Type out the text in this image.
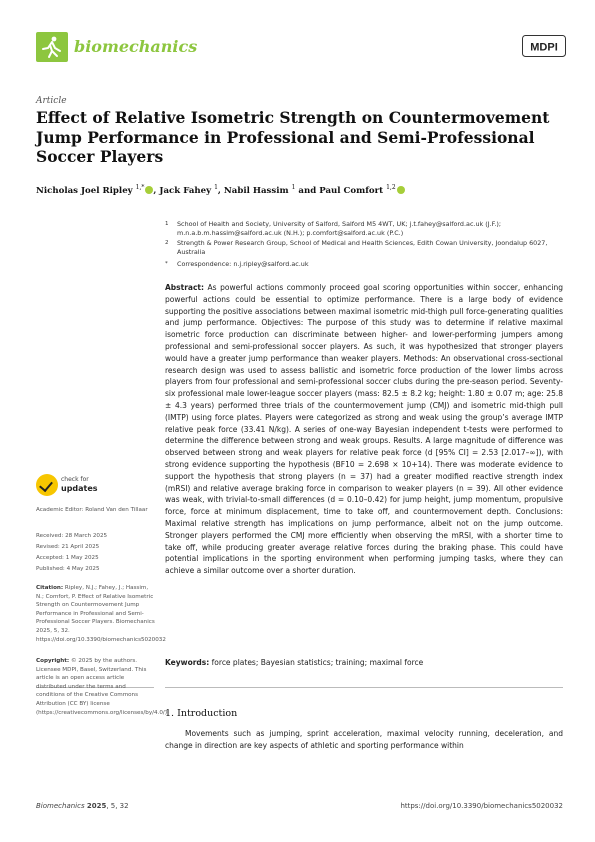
biomechanics	MDPI
Article
Effect of Relative Isometric Strength on Countermovement Jump Performance in Professional and Semi-Professional Soccer Players
Nicholas Joel Ripley $^{1,*}$ , Jack Fahey $^1$, Nabil Hassim $^1$ and Paul Comfort $^{1,2}$
1 School of Health and Society, University of Salford, Salford M5 4WT, UK; j.t.fahey@salford.ac.uk (J.F.); m.n.a.b.m.hassim@salford.ac.uk (N.H.); p.comfort@salford.ac.uk (P.C.)
2 Strength & Power Research Group, School of Medical and Health Sciences, Edith Cowan University, Joondalup 6027, Australia
* Correspondence: n.j.ripley@salford.ac.uk
Abstract: As powerful actions commonly proceed goal scoring opportunities within soccer, enhancing powerful actions could be essential to optimize performance. There is a large body of evidence supporting the positive associations between maximal isometric mid-thigh pull force-generating qualities and jump performance. Objectives: The purpose of this study was to determine if relative maximal isometric force production can discriminate between higher- and lower-performing jumpers among professional and semi-professional soccer players. As such, it was hypothesized that stronger players would have a greater jump performance than weaker players. Methods: An observational cross-sectional research design was used to assess ballistic and isometric force production of the lower limbs across players from four professional and semi-professional soccer clubs during the pre-season period. Seventy-six professional male lower-league soccer players (mass: 82.5 ± 8.2 kg; height: 1.80 ± 0.07 m; age: 25.8 ± 4.3 years) performed three trials of the countermovement jump (CMJ) and isometric mid-thigh pull (IMTP) using force plates. Players were categorized as strong and weak using the group’s average IMTP relative peak force (33.41 N/kg). A series of one-way Bayesian independent t-tests were performed to determine the difference between strong and weak groups. Results. A large magnitude of difference was observed between strong and weak players for relative peak force (d [95% CI] = 2.53 [2.017–∞]), with strong evidence supporting the hypothesis (BF10 = 2.698 × 10+14). There was moderate evidence to support the hypothesis that strong players (n = 37) had a greater modified reactive strength index (mRSI) and relative average braking force in comparison to weaker players (n = 39). All other evidence was weak, with trivial-to-small differences (d = 0.10–0.42) for jump height, jump momentum, propulsive force, force at minimum displacement, time to take off, and countermovement depth. Conclusions: Maximal relative strength has implications on jump performance, albeit not on the jump outcome. Stronger players performed the CMJ more efficiently when observing the mRSI, with a shorter time to take off, while producing greater average relative forces during the braking phase. This could have potential implications in the sporting environment when performing jumping tasks, where they can achieve a similar outcome over a shorter duration.
Keywords: force plates; Bayesian statistics; training; maximal force
1. Introduction
Movements such as jumping, sprint acceleration, maximal velocity running, deceleration, and change in direction are key aspects of athletic and sporting performance within
check for
updates
Academic Editor: Roland Van den Tillaar
Received: 28 March 2025
Revised: 21 April 2025
Accepted: 1 May 2025
Published: 4 May 2025
Citation: Ripley, N.J.; Fahey, J.; Hassim, N.; Comfort, P. Effect of Relative Isometric Strength on Countermovement Jump Performance in Professional and Semi-Professional Soccer Players. Biomechanics 2025, 5, 32. https://doi.org/10.3390/biomechanics5020032
Copyright: © 2025 by the authors. Licensee MDPI, Basel, Switzerland. This article is an open access article distributed under the terms and conditions of the Creative Commons Attribution (CC BY) license (https://creativecommons.org/licenses/by/4.0/).
Biomechanics 2025, 5, 32	https://doi.org/10.3390/biomechanics5020032
